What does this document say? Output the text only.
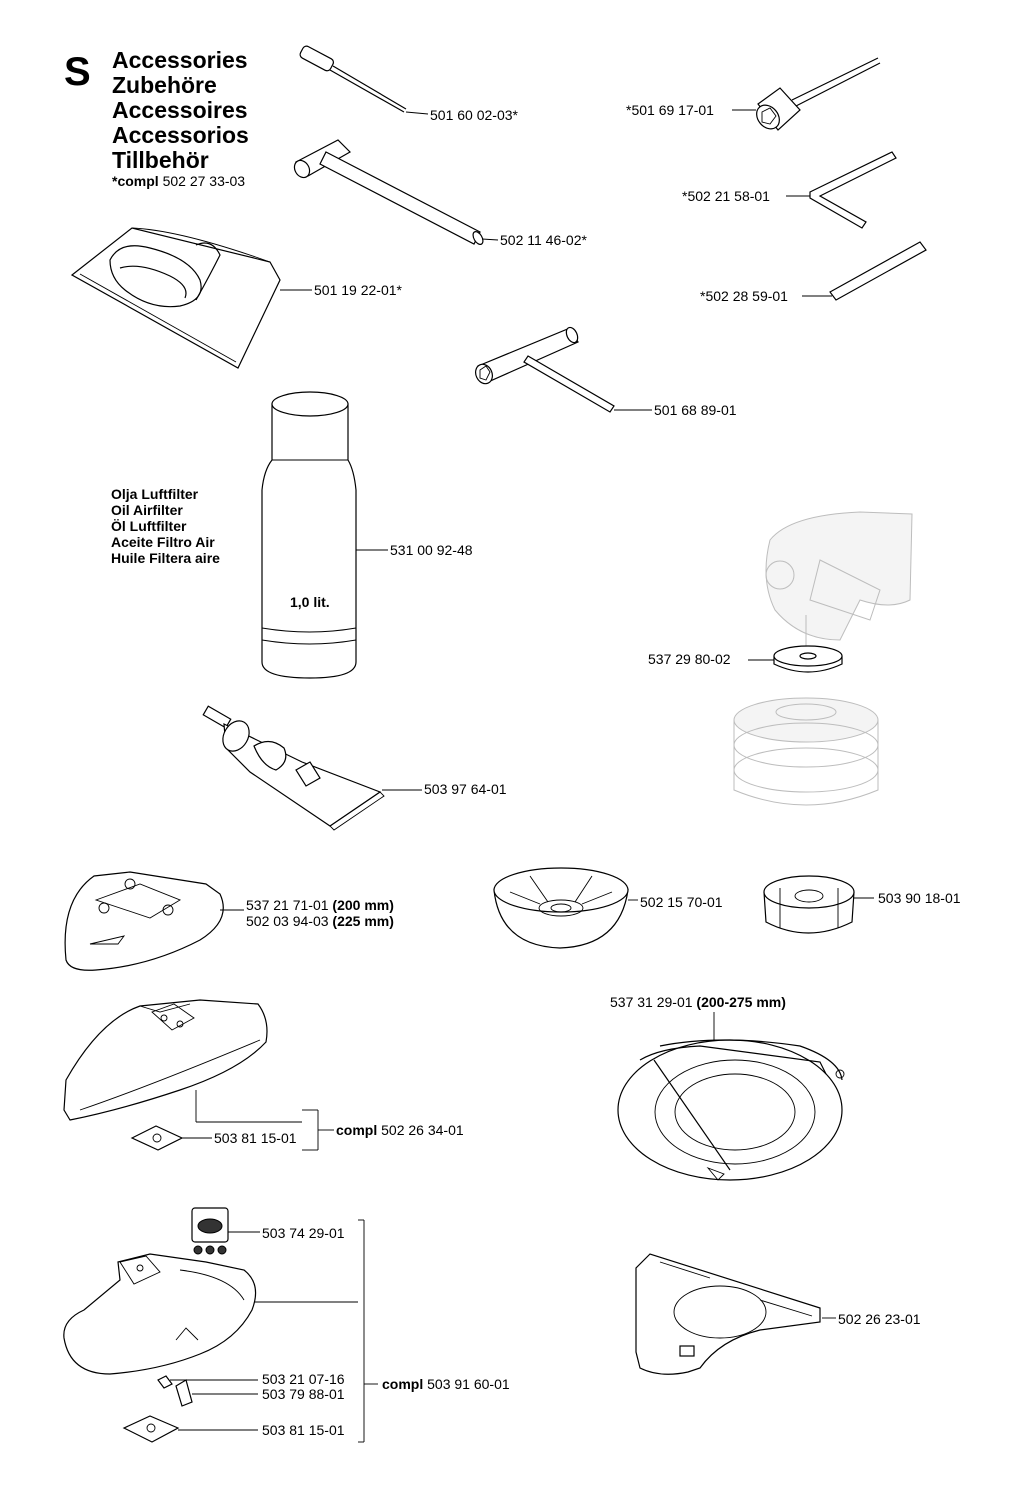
S Accessories
Zubehöre
Accessoires
Accessorios
Tillbehör
*compl 502 27 33-03
Olja Luftfilter
Oil Airfilter
Öl Luftfilter
Aceite Filtro Air
Huile Filtera aire
1,0 lit.
501 60 02-03*
502 11 46-02*
501 19 22-01*
*501 69 17-01
*502 21 58-01
*502 28 59-01
501 68 89-01
531 00 92-48
537 29 80-02
503 97 64-01
537 21 71-01 (200 mm)
502 03 94-03 (225 mm)
502 15 70-01	503 90 18-01
537 31 29-01 (200-275 mm)
503 81 15-01	compl 502 26 34-01
503 74 29-01
503 21 07-16
503 79 88-01
503 81 15-01
compl 503 91 60-01
502 26 23-01
